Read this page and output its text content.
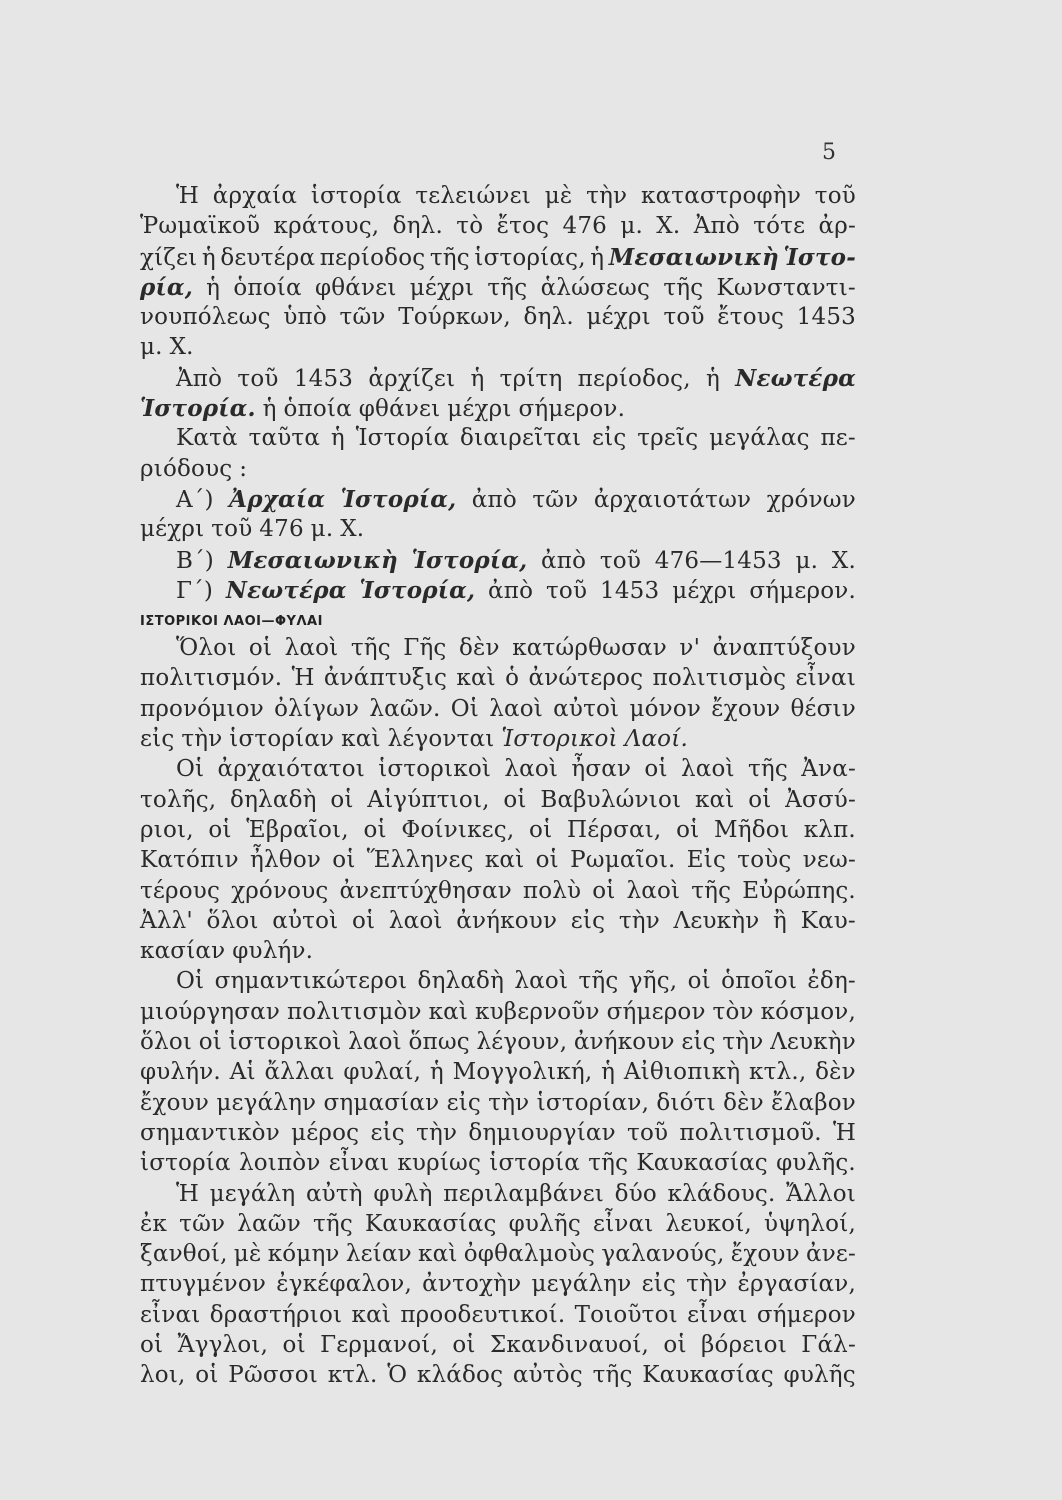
5
Ἡ ἀρχαία ἱστορία τελειώνει μὲ τὴν καταστροφὴν τοῦ
Ῥωμαϊκοῦ κράτους, δηλ. τὸ ἔτος 476 μ. Χ. Ἀπὸ τότε ἀρ-
χίζει ἡ δευτέρα περίοδος τῆς ἱστορίας, ἡ Μεσαιωνικὴ Ἱστο-
ρία, ἡ ὁποία φθάνει μέχρι τῆς ἁλώσεως τῆς Κωνσταντι-
νουπόλεως ὑπὸ τῶν Τούρκων, δηλ. μέχρι τοῦ ἔτους 1453
μ. Χ.
Ἀπὸ τοῦ 1453 ἀρχίζει ἡ τρίτη περίοδος, ἡ Νεωτέρα
Ἱστορία. ἡ ὁποία φθάνει μέχρι σήμερον.
Κατὰ ταῦτα ἡ Ἱστορία διαιρεῖται εἰς τρεῖς μεγάλας πε-
ριόδους :
Α΄) Ἀρχαία Ἱστορία, ἀπὸ τῶν ἀρχαιοτάτων χρόνων
μέχρι τοῦ 476 μ. Χ.
Β΄) Μεσαιωνικὴ Ἱστορία, ἀπὸ τοῦ 476—1453 μ. Χ.
Γ΄) Νεωτέρα Ἱστορία, ἀπὸ τοῦ 1453 μέχρι σήμερον.
ΙΣΤΟΡΙΚΟΙ ΛΑΟΙ—ΦΥΛΑΙ
Ὅλοι οἱ λαοὶ τῆς Γῆς δὲν κατώρθωσαν ν' ἀναπτύξουν
πολιτισμόν. Ἡ ἀνάπτυξις καὶ ὁ ἀνώτερος πολιτισμὸς εἶναι
προνόμιον ὀλίγων λαῶν. Οἱ λαοὶ αὐτοὶ μόνον ἔχουν θέσιν
εἰς τὴν ἱστορίαν καὶ λέγονται Ἱστορικοὶ Λαοί.
Οἱ ἀρχαιότατοι ἱστορικοὶ λαοὶ ἦσαν οἱ λαοὶ τῆς Ἀνα-
τολῆς, δηλαδὴ οἱ Αἰγύπτιοι, οἱ Βαβυλώνιοι καὶ οἱ Ἀσσύ-
ριοι, οἱ Ἑβραῖοι, οἱ Φοίνικες, οἱ Πέρσαι, οἱ Μῆδοι κλπ.
Κατόπιν ἦλθον οἱ Ἕλληνες καὶ οἱ Ρωμαῖοι. Εἰς τοὺς νεω-
τέρους χρόνους ἀνεπτύχθησαν πολὺ οἱ λαοὶ τῆς Εὐρώπης.
Ἀλλ' ὅλοι αὐτοὶ οἱ λαοὶ ἀνήκουν εἰς τὴν Λευκὴν ἢ Καυ-
κασίαν φυλήν.
Οἱ σημαντικώτεροι δηλαδὴ λαοὶ τῆς γῆς, οἱ ὁποῖοι ἐδη-
μιούργησαν πολιτισμὸν καὶ κυβερνοῦν σήμερον τὸν κόσμον,
ὅλοι οἱ ἱστορικοὶ λαοὶ ὅπως λέγουν, ἀνήκουν εἰς τὴν Λευκὴν
φυλήν. Αἱ ἄλλαι φυλαί, ἡ Μογγολική, ἡ Αἰθιοπικὴ κτλ., δὲν
ἔχουν μεγάλην σημασίαν εἰς τὴν ἱστορίαν, διότι δὲν ἔλαβον
σημαντικὸν μέρος εἰς τὴν δημιουργίαν τοῦ πολιτισμοῦ. Ἡ
ἱστορία λοιπὸν εἶναι κυρίως ἱστορία τῆς Καυκασίας φυλῆς.
Ἡ μεγάλη αὐτὴ φυλὴ περιλαμβάνει δύο κλάδους. Ἄλλοι
ἐκ τῶν λαῶν τῆς Καυκασίας φυλῆς εἶναι λευκοί, ὑψηλοί,
ξανθοί, μὲ κόμην λείαν καὶ ὀφθαλμοὺς γαλανούς, ἔχουν ἀνε-
πτυγμένον ἐγκέφαλον, ἀντοχὴν μεγάλην εἰς τὴν ἐργασίαν,
εἶναι δραστήριοι καὶ προοδευτικοί. Τοιοῦτοι εἶναι σήμερον
οἱ Ἄγγλοι, οἱ Γερμανοί, οἱ Σκανδιναυοί, οἱ βόρειοι Γάλ-
λοι, οἱ Ρῶσσοι κτλ. Ὁ κλάδος αὐτὸς τῆς Καυκασίας φυλῆς
